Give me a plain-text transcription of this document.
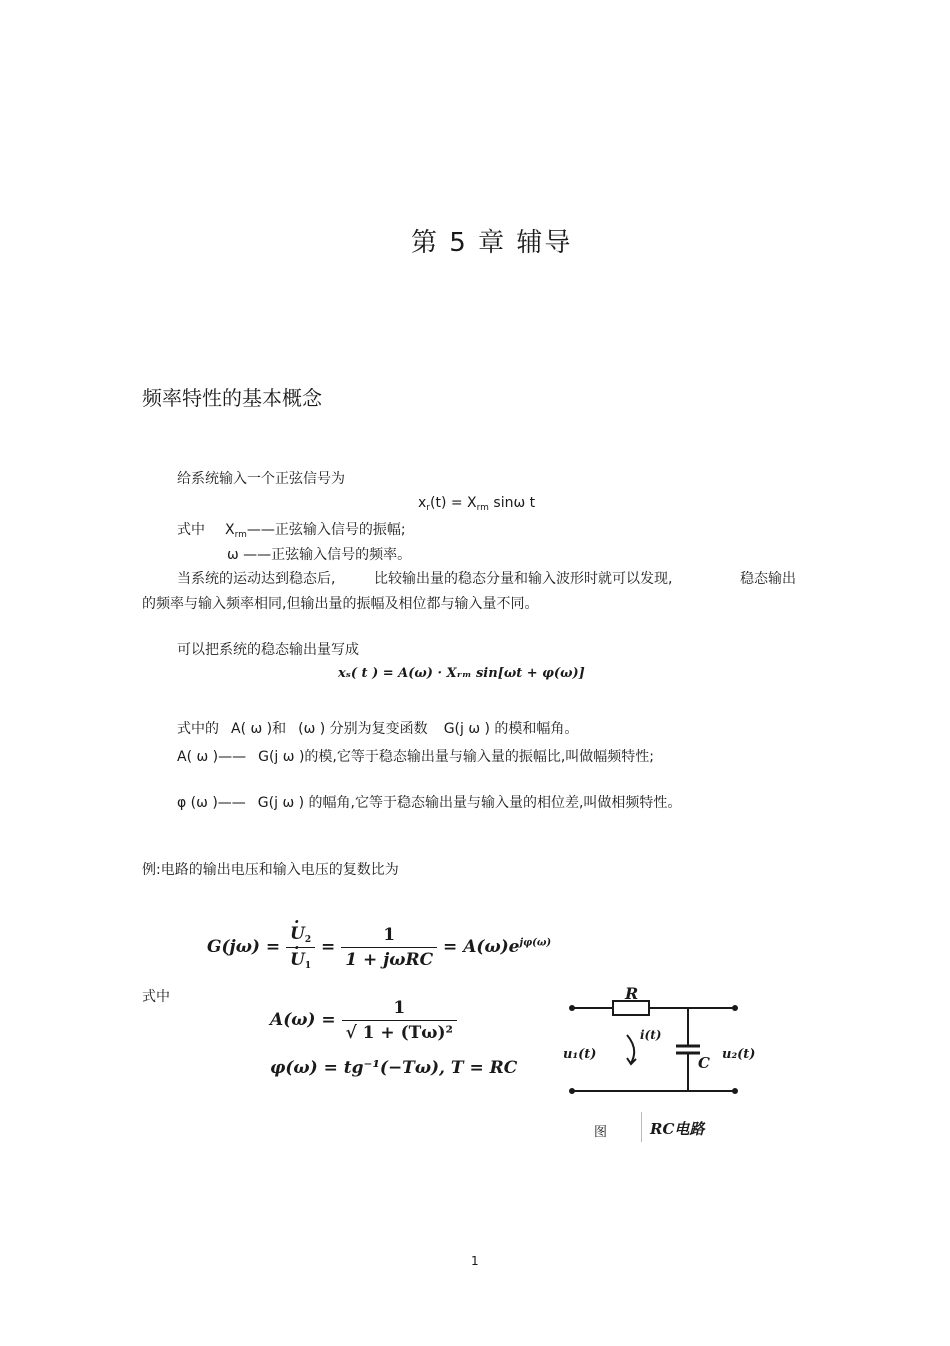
第 5 章 辅导
频率特性的基本概念
给系统输入一个正弦信号为
$x_r(t) = X_{rm}$ sinω t
式中 $X_{rm}——$正弦输入信号的振幅;
ω ——正弦输入信号的频率。
当系统的运动达到稳态后,	比较输出量的稳态分量和输入波形时就可以发现,	稳态输出
的频率与输入频率相同,但输出量的振幅及相位都与输入量不同。
可以把系统的稳态输出量写成
xₛ( t ) = A(ω) · Xᵣₘ sin[ωt + φ(ω)]
式中的 A( ω )和 (ω ) 分别为复变函数 G(j ω ) 的模和幅角。
A( ω )—— G(j ω )的模,它等于稳态输出量与输入量的振幅比,叫做幅频特性;
φ (ω )—— G(j ω ) 的幅角,它等于稳态输出量与输入量的相位差,叫做相频特性。
例:电路的输出电压和输入电压的复数比为
G(jω) =
· $U_2$
· $U_1 = \frac{1}{\text{1 + jωRC}} = A(\omega)e^{j\varphi(\omega)}$
式中
$A(\omega) = \frac{1}{\text{√ 1 + (Tω)²}}$
φ(ω) = tg⁻¹(−Tω), T = RC
R
C
i(t)
u₁(t)	u₂(t)
图	RC电路
1
